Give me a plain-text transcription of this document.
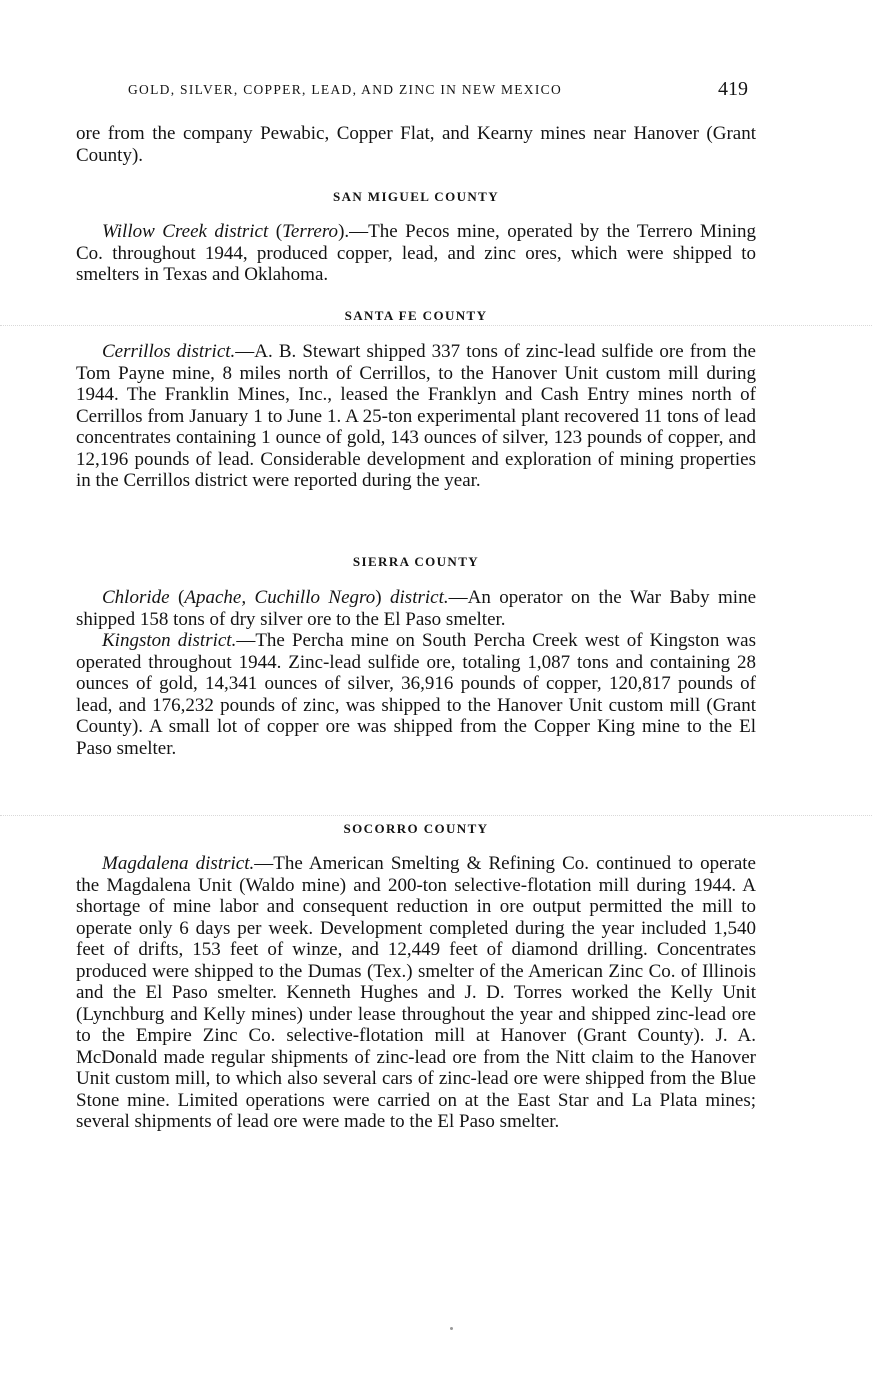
GOLD, SILVER, COPPER, LEAD, AND ZINC IN NEW MEXICO	419

ore from the company Pewabic, Copper Flat, and Kearny mines near Hanover (Grant County).

SAN MIGUEL COUNTY

Willow Creek district (Terrero).—The Pecos mine, operated by the Terrero Mining Co. throughout 1944, produced copper, lead, and zinc ores, which were shipped to smelters in Texas and Oklahoma.

SANTA FE COUNTY

Cerrillos district.—A. B. Stewart shipped 337 tons of zinc-lead sulfide ore from the Tom Payne mine, 8 miles north of Cerrillos, to the Hanover Unit custom mill during 1944. The Franklin Mines, Inc., leased the Franklyn and Cash Entry mines north of Cerrillos from January 1 to June 1. A 25-ton experimental plant recovered 11 tons of lead concentrates containing 1 ounce of gold, 143 ounces of silver, 123 pounds of copper, and 12,196 pounds of lead. Considerable development and exploration of mining properties in the Cerrillos district were reported during the year.

SIERRA COUNTY

Chloride (Apache, Cuchillo Negro) district.—An operator on the War Baby mine shipped 158 tons of dry silver ore to the El Paso smelter.

Kingston district.—The Percha mine on South Percha Creek west of Kingston was operated throughout 1944. Zinc-lead sulfide ore, totaling 1,087 tons and containing 28 ounces of gold, 14,341 ounces of silver, 36,916 pounds of copper, 120,817 pounds of lead, and 176,232 pounds of zinc, was shipped to the Hanover Unit custom mill (Grant County). A small lot of copper ore was shipped from the Copper King mine to the El Paso smelter.

SOCORRO COUNTY

Magdalena district.—The American Smelting & Refining Co. continued to operate the Magdalena Unit (Waldo mine) and 200-ton selective-flotation mill during 1944. A shortage of mine labor and consequent reduction in ore output permitted the mill to operate only 6 days per week. Development completed during the year included 1,540 feet of drifts, 153 feet of winze, and 12,449 feet of diamond drilling. Concentrates produced were shipped to the Dumas (Tex.) smelter of the American Zinc Co. of Illinois and the El Paso smelter. Kenneth Hughes and J. D. Torres worked the Kelly Unit (Lynchburg and Kelly mines) under lease throughout the year and shipped zinc-lead ore to the Empire Zinc Co. selective-flotation mill at Hanover (Grant County). J. A. McDonald made regular shipments of zinc-lead ore from the Nitt claim to the Hanover Unit custom mill, to which also several cars of zinc-lead ore were shipped from the Blue Stone mine. Limited operations were carried on at the East Star and La Plata mines; several shipments of lead ore were made to the El Paso smelter.
